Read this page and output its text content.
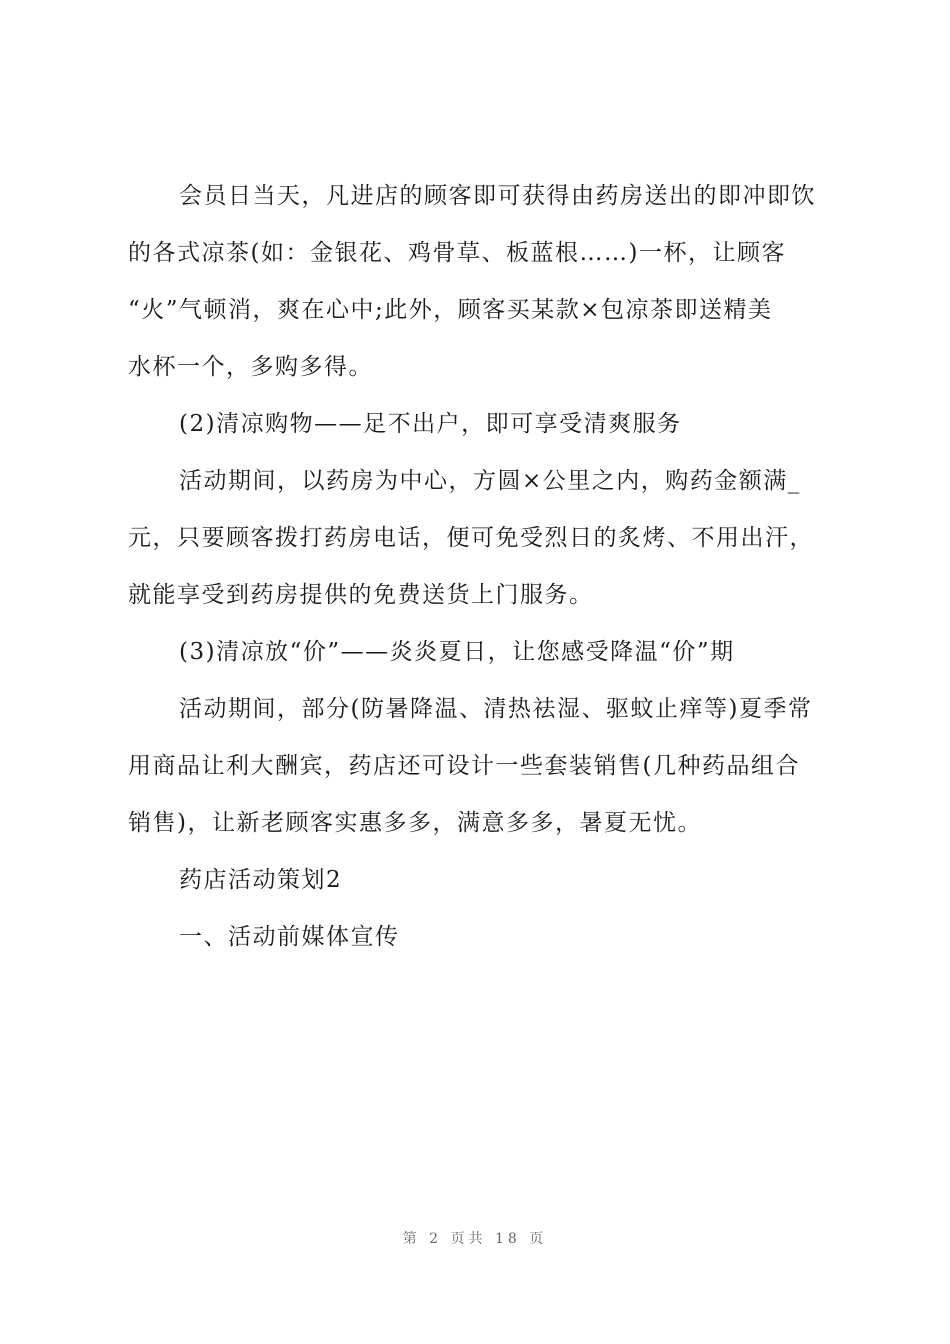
会员日当天，凡进店的顾客即可获得由药房送出的即冲即饮
的各式凉茶(如：金银花、鸡骨草、板蓝根……)一杯，让顾客
“火”气顿消，爽在心中;此外，顾客买某款×包凉茶即送精美
水杯一个，多购多得。
(2)清凉购物——足不出户，即可享受清爽服务
活动期间，以药房为中心，方圆×公里之内，购药金额满_
元，只要顾客拨打药房电话，便可免受烈日的炙烤、不用出汗，
就能享受到药房提供的免费送货上门服务。
(3)清凉放“价”——炎炎夏日，让您感受降温“价”期
活动期间，部分(防暑降温、清热祛湿、驱蚊止痒等)夏季常
用商品让利大酬宾，药店还可设计一些套装销售(几种药品组合
销售)，让新老顾客实惠多多，满意多多，暑夏无忧。
药店活动策划2
一、活动前媒体宣传
第 2 页共 18 页
